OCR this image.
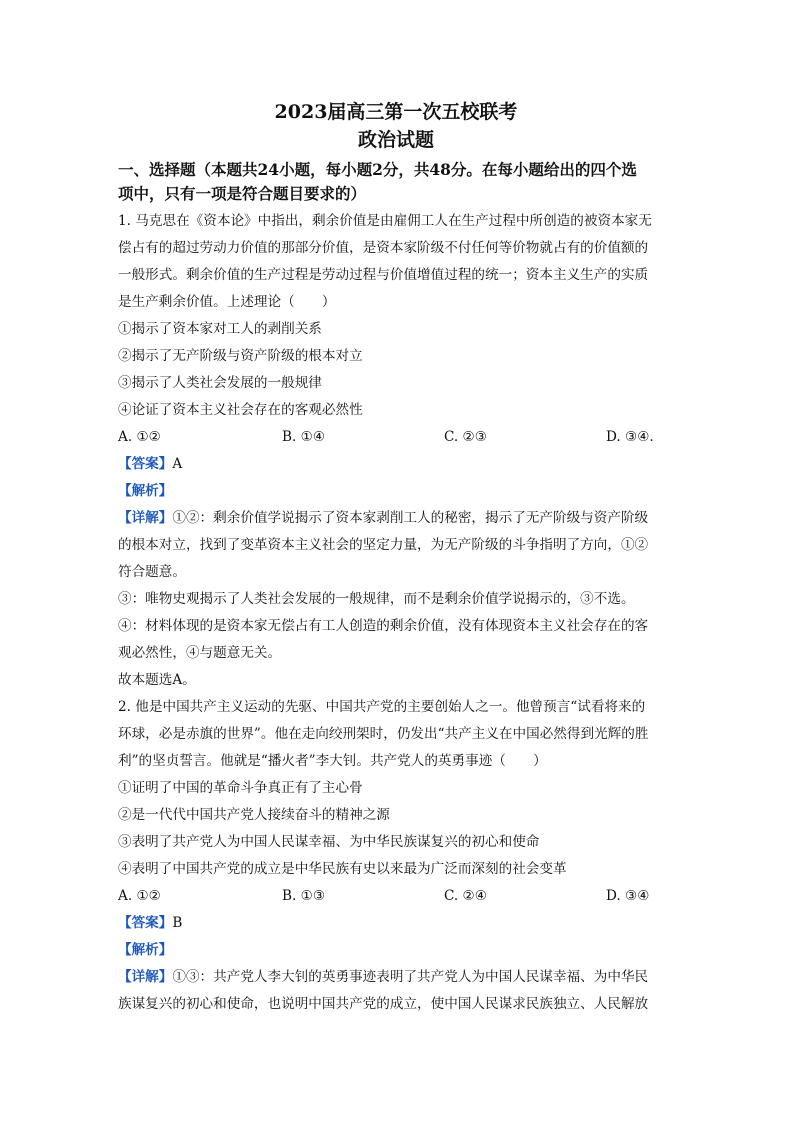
2023届高三第一次五校联考

政治试题

一、选择题（本题共24小题，每小题2分，共48分。在每小题给出的四个选
项中，只有一项是符合题目要求的）

1. 马克思在《资本论》中指出，剩余价值是由雇佣工人在生产过程中所创造的被资本家无

偿占有的超过劳动力价值的那部分价值，是资本家阶级不付任何等价物就占有的价值额的

一般形式。剩余价值的生产过程是劳动过程与价值增值过程的统一；资本主义生产的实质

是生产剩余价值。上述理论（　　）

①揭示了资本家对工人的剥削关系

②揭示了无产阶级与资产阶级的根本对立

③揭示了人类社会发展的一般规律

④论证了资本主义社会存在的客观必然性

A. ①②	B. ①④	C. ②③	D. ③④.

【答案】A

【解析】

【详解】①②：剩余价值学说揭示了资本家剥削工人的秘密，揭示了无产阶级与资产阶级

的根本对立，找到了变革资本主义社会的坚定力量，为无产阶级的斗争指明了方向，①②

符合题意。

③：唯物史观揭示了人类社会发展的一般规律，而不是剩余价值学说揭示的，③不选。

④：材料体现的是资本家无偿占有工人创造的剩余价值，没有体现资本主义社会存在的客

观必然性，④与题意无关。

故本题选A。

2. 他是中国共产主义运动的先驱、中国共产党的主要创始人之一。他曾预言“试看将来的

环球，必是赤旗的世界”。他在走向绞刑架时，仍发出“共产主义在中国必然得到光辉的胜

利”的坚贞誓言。他就是“播火者”李大钊。共产党人的英勇事迹（　　）

①证明了中国的革命斗争真正有了主心骨

②是一代代中国共产党人接续奋斗的精神之源

③表明了共产党人为中国人民谋幸福、为中华民族谋复兴的初心和使命

④表明了中国共产党的成立是中华民族有史以来最为广泛而深刻的社会变革

A. ①②	B. ①③	C. ②④	D. ③④

【答案】B

【解析】

【详解】①③：共产党人李大钊的英勇事迹表明了共产党人为中国人民谋幸福、为中华民

族谋复兴的初心和使命，也说明中国共产党的成立，使中国人民谋求民族独立、人民解放
